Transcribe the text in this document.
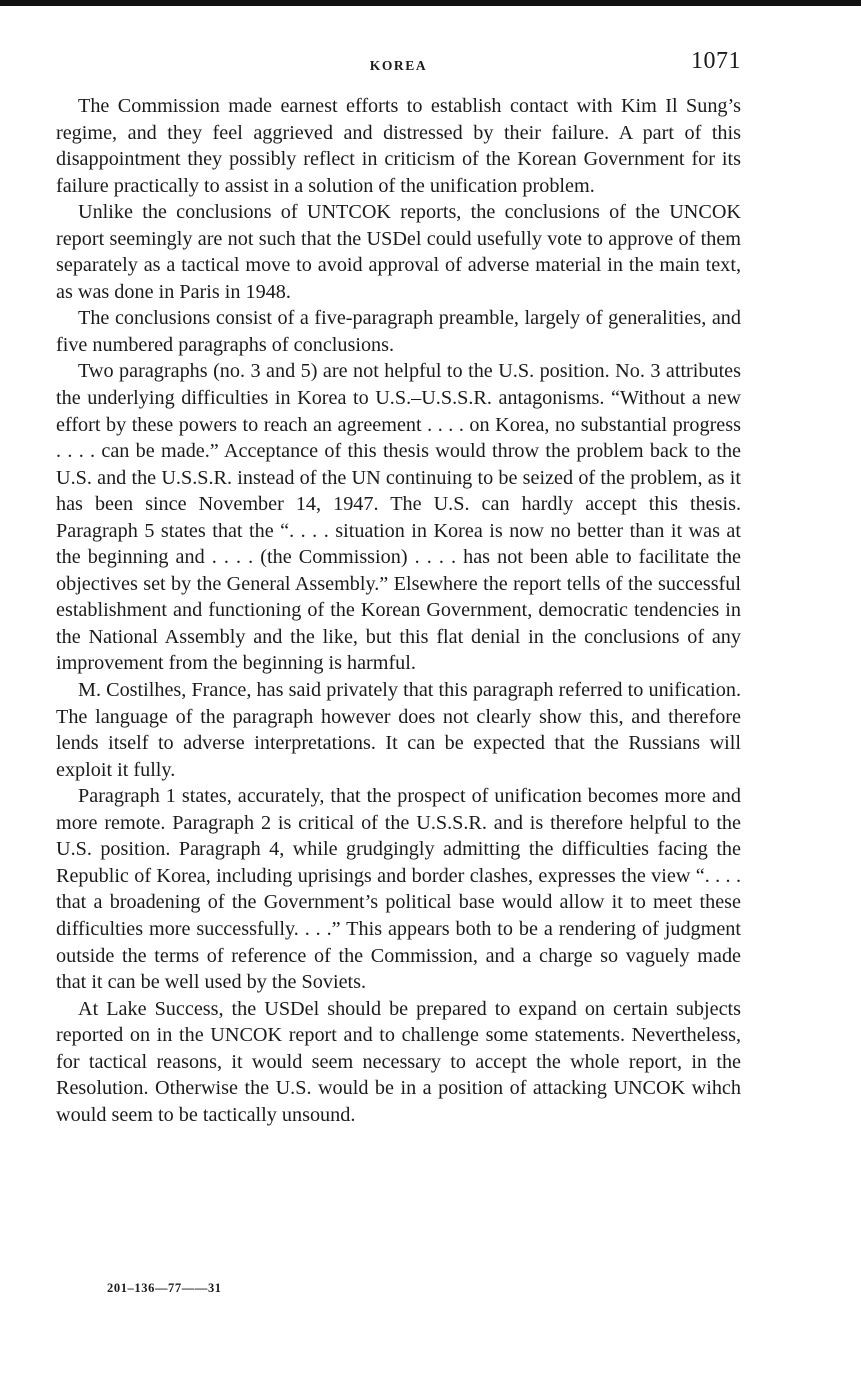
KOREA	1071

The Commission made earnest efforts to establish contact with Kim Il Sung’s regime, and they feel aggrieved and distressed by their failure. A part of this disappointment they possibly reflect in criticism of the Korean Government for its failure practically to assist in a solution of the unification problem.

Unlike the conclusions of UNTCOK reports, the conclusions of the UNCOK report seemingly are not such that the USDel could usefully vote to approve of them separately as a tactical move to avoid approval of adverse material in the main text, as was done in Paris in 1948.

The conclusions consist of a five-paragraph preamble, largely of generalities, and five numbered paragraphs of conclusions.

Two paragraphs (no. 3 and 5) are not helpful to the U.S. position. No. 3 attributes the underlying difficulties in Korea to U.S.–U.S.S.R. antagonisms. “Without a new effort by these powers to reach an agreement . . . . on Korea, no substantial progress . . . . can be made.” Acceptance of this thesis would throw the problem back to the U.S. and the U.S.S.R. instead of the UN continuing to be seized of the problem, as it has been since November 14, 1947. The U.S. can hardly accept this thesis. Paragraph 5 states that the “. . . . situation in Korea is now no better than it was at the beginning and . . . . (the Commission) . . . . has not been able to facilitate the objectives set by the General Assembly.” Elsewhere the report tells of the successful establishment and functioning of the Korean Government, democratic tendencies in the National Assembly and the like, but this flat denial in the conclusions of any improvement from the beginning is harmful.

M. Costilhes, France, has said privately that this paragraph referred to unification. The language of the paragraph however does not clearly show this, and therefore lends itself to adverse interpretations. It can be expected that the Russians will exploit it fully.

Paragraph 1 states, accurately, that the prospect of unification becomes more and more remote. Paragraph 2 is critical of the U.S.S.R. and is therefore helpful to the U.S. position. Paragraph 4, while grudgingly admitting the difficulties facing the Republic of Korea, including uprisings and border clashes, expresses the view “. . . . that a broadening of the Government’s political base would allow it to meet these difficulties more successfully. . . .” This appears both to be a rendering of judgment outside the terms of reference of the Commission, and a charge so vaguely made that it can be well used by the Soviets.

At Lake Success, the USDel should be prepared to expand on certain subjects reported on in the UNCOK report and to challenge some statements. Nevertheless, for tactical reasons, it would seem necessary to accept the whole report, in the Resolution. Otherwise the U.S. would be in a position of attacking UNCOK wihch would seem to be tactically unsound.

201–136—77——31
